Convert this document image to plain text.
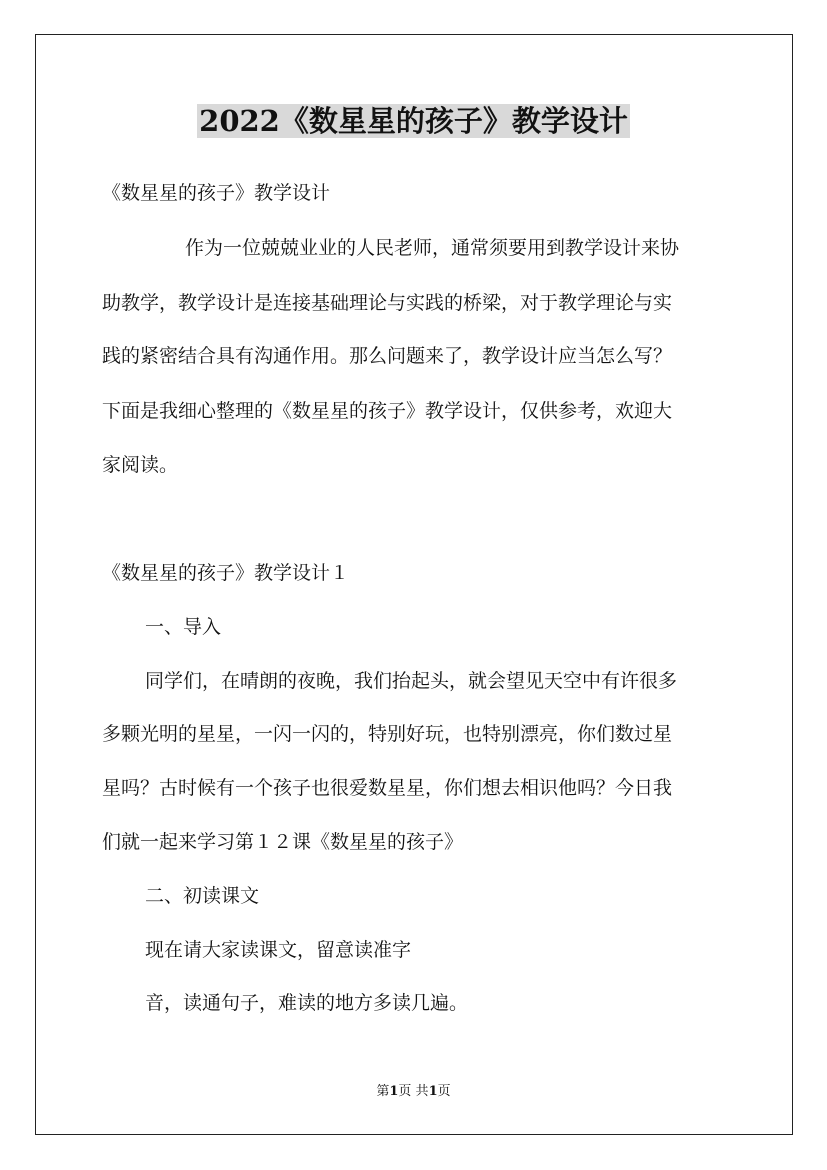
2022《数星星的孩子》教学设计
《数星星的孩子》教学设计
作为一位兢兢业业的人民老师，通常须要用到教学设计来协
助教学，教学设计是连接基础理论与实践的桥梁，对于教学理论与实
践的紧密结合具有沟通作用。那么问题来了，教学设计应当怎么写？
下面是我细心整理的《数星星的孩子》教学设计，仅供参考，欢迎大
家阅读。
《数星星的孩子》教学设计１
一、导入
同学们，在晴朗的夜晚，我们抬起头，就会望见天空中有许很多
多颗光明的星星，一闪一闪的，特别好玩，也特别漂亮，你们数过星
星吗？古时候有一个孩子也很爱数星星，你们想去相识他吗？今日我
们就一起来学习第１２课《数星星的孩子》
二、初读课文
现在请大家读课文，留意读准字
音，读通句子，难读的地方多读几遍。
第1页 共1页
